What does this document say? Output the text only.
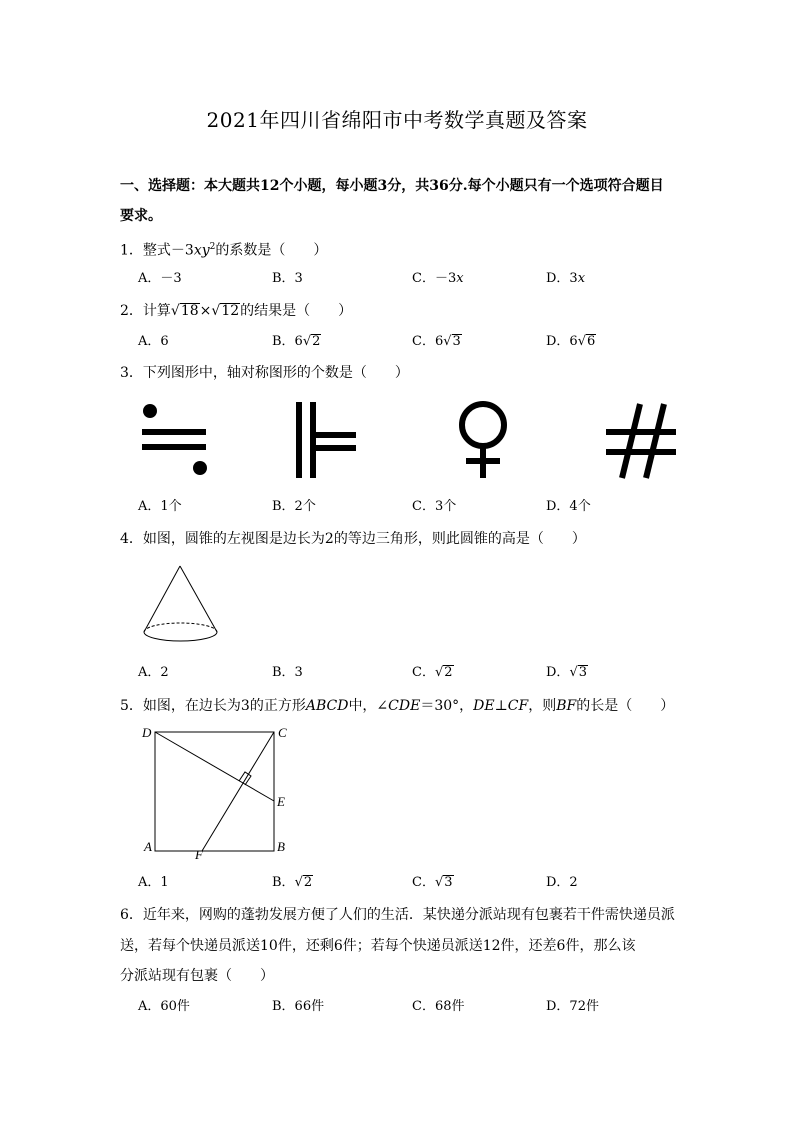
2021年四川省绵阳市中考数学真题及答案
一、选择题：本大题共12个小题，每小题3分，共36分.每个小题只有一个选项符合题目
要求。
1．整式$-3xy^2$的系数是（　　）
A．－3	B．3	C．－3x	D．3x
2．计算√18×√12的结果是（　　）
A．6	B．6√2	C．6√3	D．6√6
3．下列图形中，轴对称图形的个数是（　　）
A．1个	B．2个	C．3个	D．4个
4．如图，圆锥的左视图是边长为2的等边三角形，则此圆锥的高是（　　）
A．2	B．3	C．√2	D．√3
5．如图，在边长为3的正方形ABCD中，∠CDE＝30°，DE⊥CF，则BF的长是（　　）
D	C
E
A
F
B
A．1	B．√2	C．√3	D．2
6．近年来，网购的蓬勃发展方便了人们的生活．某快递分派站现有包裹若干件需快递员派
送，若每个快递员派送10件，还剩6件；若每个快递员派送12件，还差6件，那么该
分派站现有包裹（　　）
A．60件	B．66件	C．68件	D．72件
